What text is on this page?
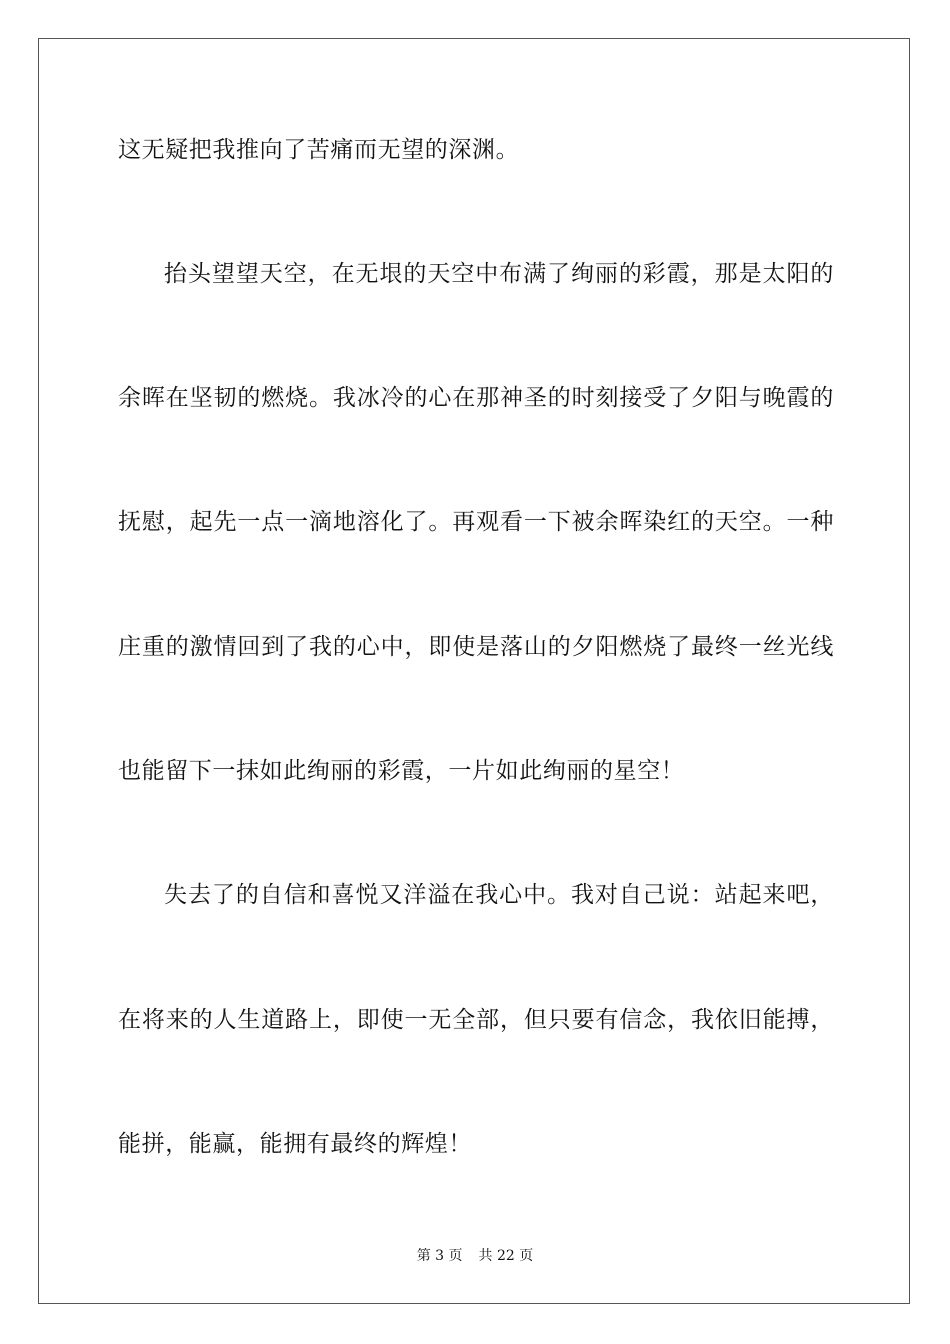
这无疑把我推向了苦痛而无望的深渊。
抬头望望天空，在无垠的天空中布满了绚丽的彩霞，那是太阳的
余晖在坚韧的燃烧。我冰冷的心在那神圣的时刻接受了夕阳与晚霞的
抚慰，起先一点一滴地溶化了。再观看一下被余晖染红的天空。一种
庄重的激情回到了我的心中，即使是落山的夕阳燃烧了最终一丝光线
也能留下一抹如此绚丽的彩霞，一片如此绚丽的星空！
失去了的自信和喜悦又洋溢在我心中。我对自己说：站起来吧，
在将来的人生道路上，即使一无全部，但只要有信念，我依旧能搏，
能拼，能赢，能拥有最终的辉煌！
第 3 页 共 22 页
